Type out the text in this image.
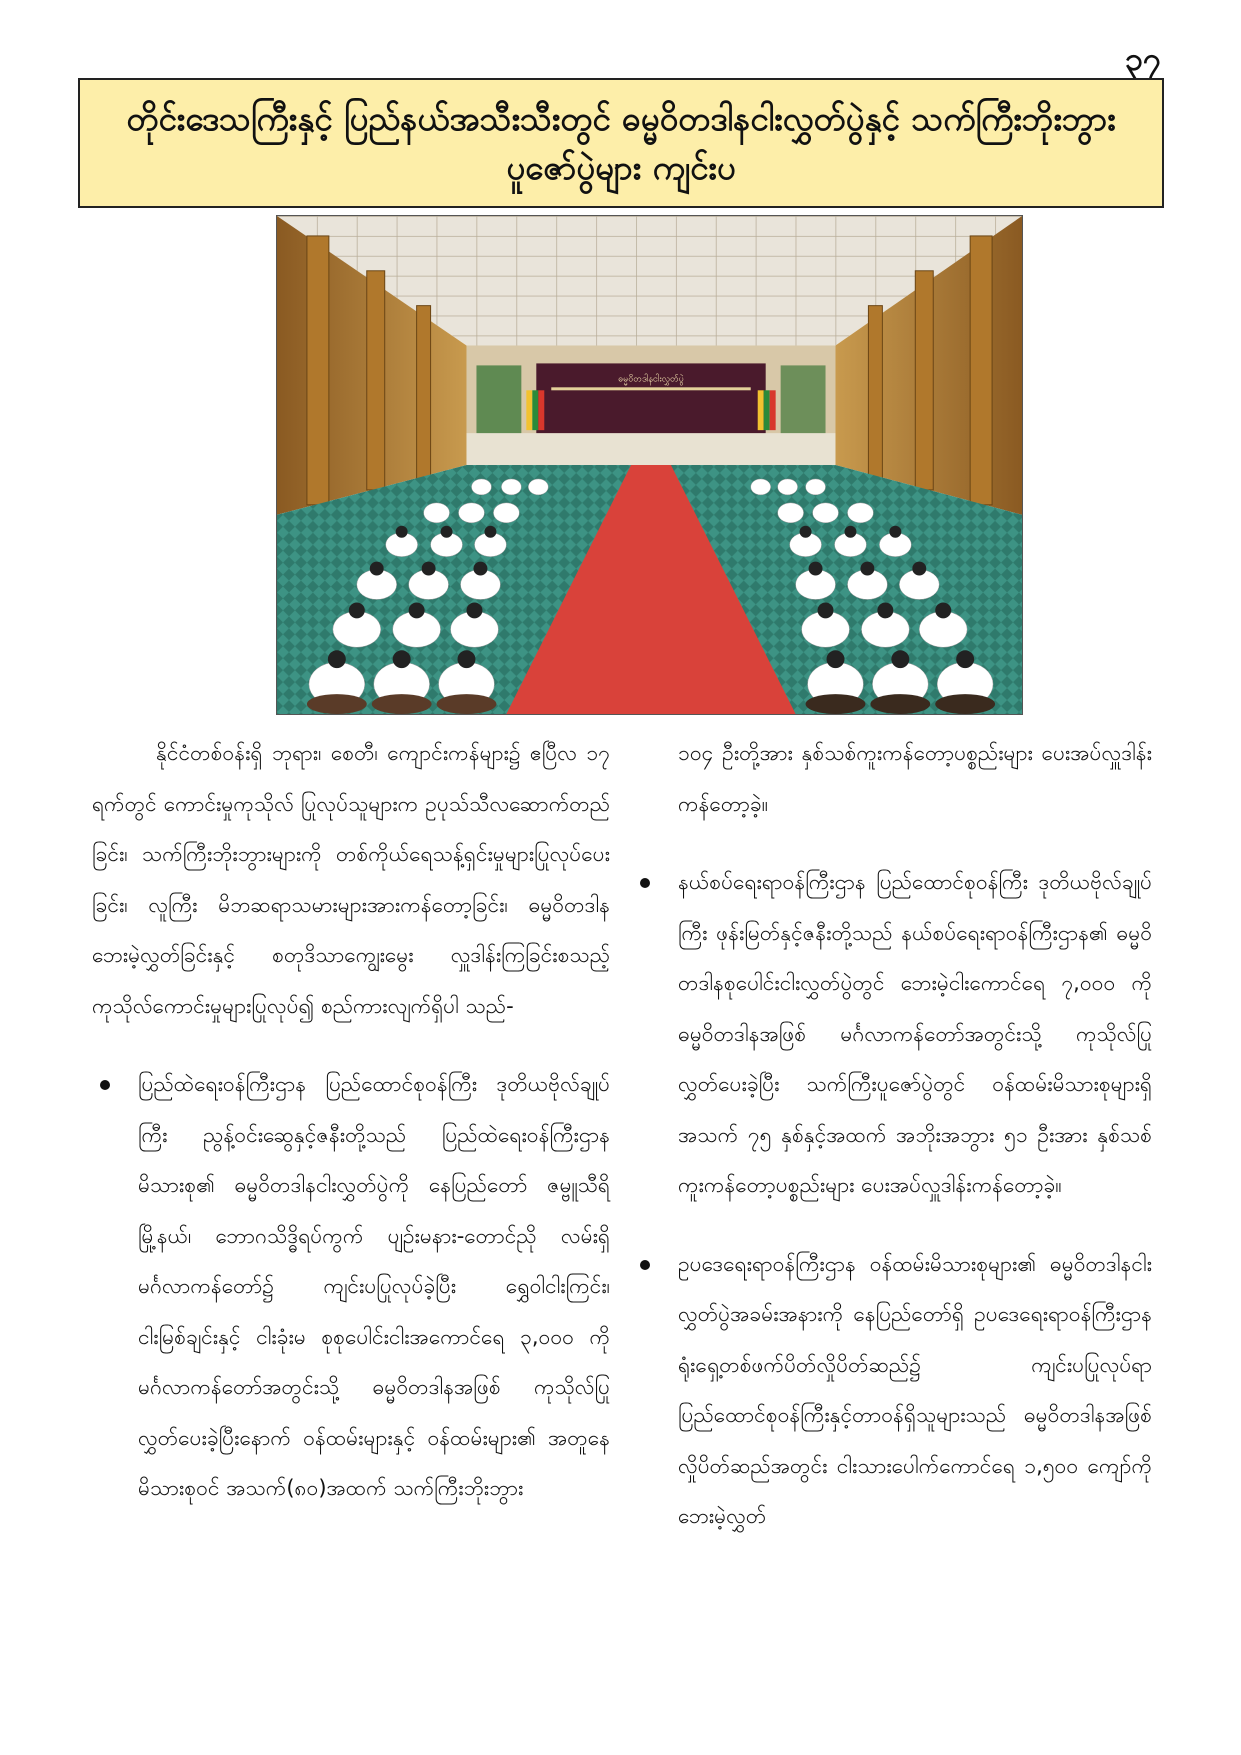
၃၇
တိုင်းဒေသကြီးနှင့် ပြည်နယ်အသီးသီးတွင် ဓမ္မဝိတဒါနငါးလွှတ်ပွဲနှင့် သက်ကြီးဘိုးဘွားပူဇော်ပွဲများ ကျင်းပ
ဓမ္မဝိတဒါနငါးလွှတ်ပွဲ

နိုင်ငံတစ်ဝန်းရှိ ဘုရား၊ စေတီ၊ ကျောင်းကန်များ၌ ဧပြီလ ၁၇ ရက်တွင် ကောင်းမှုကုသိုလ် ပြုလုပ်သူများက ဥပုသ်သီလဆောက်တည်ခြင်း၊ သက်ကြီးဘိုးဘွားများကို တစ်ကိုယ်ရေသန့်ရှင်းမှုများပြုလုပ်ပေးခြင်း၊ လူကြီး မိဘဆရာသမားများအားကန်တော့ခြင်း၊ ဓမ္မဝိတဒါနဘေးမဲ့လွှတ်ခြင်းနှင့် စတုဒိသာကျွေးမွေး လှူဒါန်းကြခြင်းစသည့် ကုသိုလ်ကောင်းမှုများပြုလုပ်၍ စည်ကားလျက်ရှိပါ သည်-

ပြည်ထဲရေးဝန်ကြီးဌာန ပြည်ထောင်စုဝန်ကြီး ဒုတိယဗိုလ်ချုပ်ကြီး ညွန့်ဝင်းဆွေနှင့်ဇနီးတို့သည် ပြည်ထဲရေးဝန်ကြီးဌာနမိသားစု၏ ဓမ္မဝိတဒါနငါးလွှတ်ပွဲကို နေပြည်တော် ဇမ္ဗူသီရိမြို့နယ်၊ ဘောဂသိဒ္ဓိရပ်ကွက် ပျဉ်းမနား-တောင်ညို လမ်းရှိ မင်္ဂလာကန်တော်၌ ကျင်းပပြုလုပ်ခဲ့ပြီး ရွှေဝါငါးကြင်း၊ ငါးမြစ်ချင်းနှင့် ငါးခုံးမ စုစုပေါင်းငါးအကောင်ရေ ၃,၀၀၀ ကို မင်္ဂလာကန်တော်အတွင်းသို့ ဓမ္မဝိတဒါနအဖြစ် ကုသိုလ်ပြုလွှတ်ပေးခဲ့ပြီးနောက် ဝန်ထမ်းများနှင့် ဝန်ထမ်းများ၏ အတူနေမိသားစုဝင် အသက်(၈၀)အထက် သက်ကြီးဘိုးဘွား

၁၀၄ ဦးတို့အား နှစ်သစ်ကူးကန်တော့ပစ္စည်းများ ပေးအပ်လှူဒါန်းကန်တော့ခဲ့။

နယ်စပ်ရေးရာဝန်ကြီးဌာန ပြည်ထောင်စုဝန်ကြီး ဒုတိယဗိုလ်ချုပ်ကြီး ဖုန်းမြတ်နှင့်ဇနီးတို့သည် နယ်စပ်ရေးရာဝန်ကြီးဌာန၏ ဓမ္မဝိတဒါနစုပေါင်းငါးလွှတ်ပွဲတွင် ဘေးမဲ့ငါးကောင်ရေ ၇,၀၀၀ ကို ဓမ္မဝိတဒါနအဖြစ် မင်္ဂလာကန်တော်အတွင်းသို့ ကုသိုလ်ပြုလွှတ်ပေးခဲ့ပြီး သက်ကြီးပူဇော်ပွဲတွင် ဝန်ထမ်းမိသားစုများရှိ အသက် ၇၅ နှစ်နှင့်အထက် အဘိုးအဘွား ၅၁ ဦးအား နှစ်သစ်ကူးကန်တော့ပစ္စည်းများ ပေးအပ်လှူဒါန်းကန်တော့ခဲ့။
ဥပဒေရေးရာဝန်ကြီးဌာန ဝန်ထမ်းမိသားစုများ၏ ဓမ္မဝိတဒါနငါးလွှတ်ပွဲအခမ်းအနားကို နေပြည်တော်ရှိ ဥပဒေရေးရာဝန်ကြီးဌာန ရုံးရှေ့တစ်ဖက်ပိတ်လှိုပိတ်ဆည်၌ ကျင်းပပြုလုပ်ရာ ပြည်ထောင်စုဝန်ကြီးနှင့်တာဝန်ရှိသူများသည် ဓမ္မဝိတဒါနအဖြစ် လှိုပိတ်ဆည်အတွင်း ငါးသားပေါက်ကောင်ရေ ၁,၅၀၀ ကျော်ကို ဘေးမဲ့လွှတ်
